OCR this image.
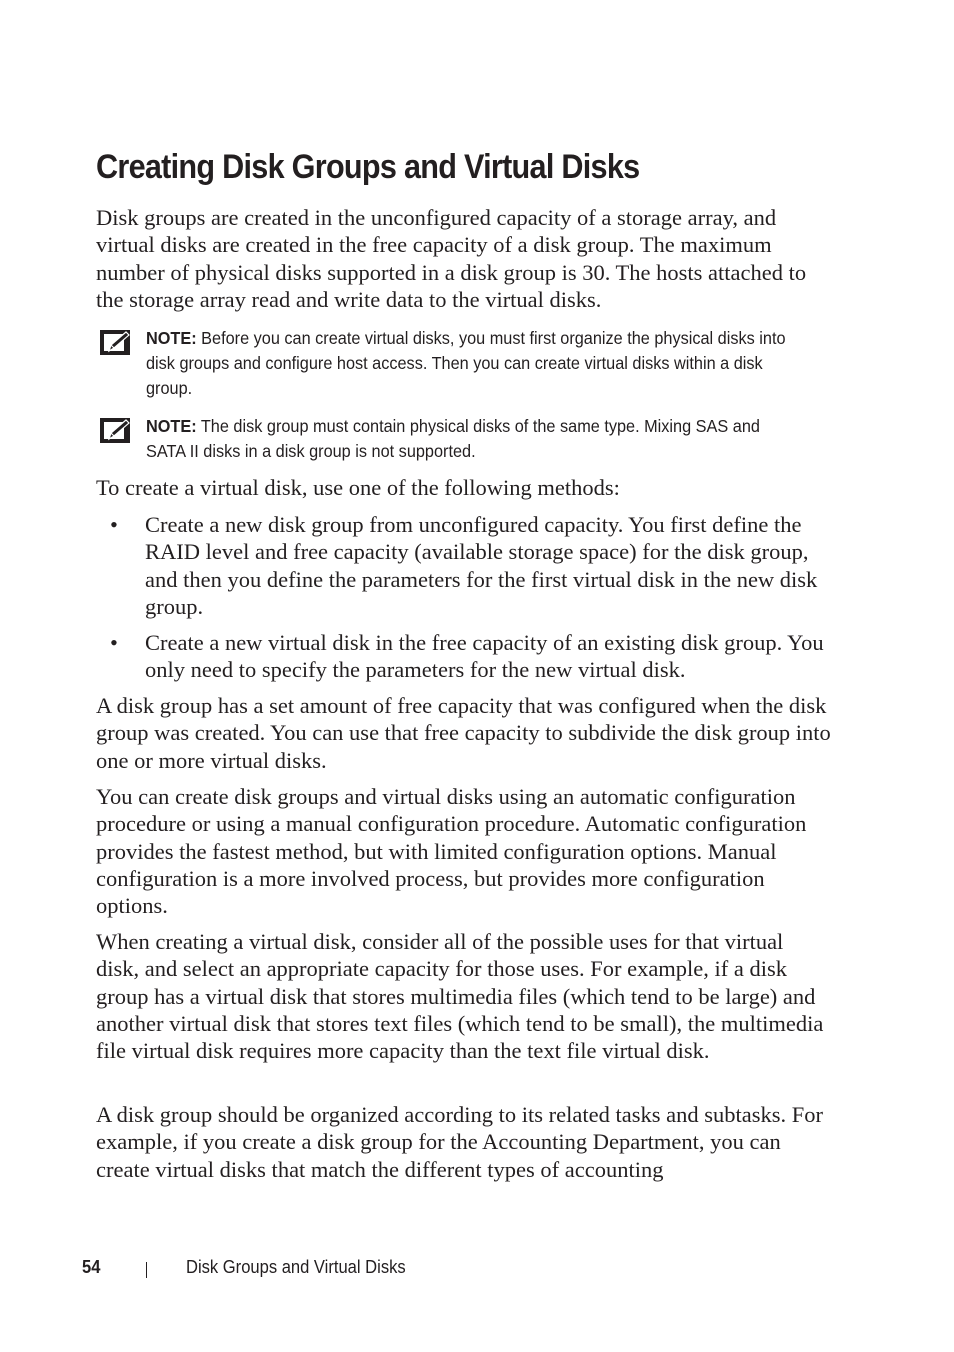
Creating Disk Groups and Virtual Disks

Disk groups are created in the unconfigured capacity of a storage array, and virtual disks are created in the free capacity of a disk group. The maximum number of physical disks supported in a disk group is 30. The hosts attached to the storage array read and write data to the virtual disks.

NOTE: Before you can create virtual disks, you must first organize the physical disks into disk groups and configure host access. Then you can create virtual disks within a disk group.
NOTE: The disk group must contain physical disks of the same type. Mixing SAS and SATA II disks in a disk group is not supported.

To create a virtual disk, use one of the following methods:

• Create a new disk group from unconfigured capacity. You first define the RAID level and free capacity (available storage space) for the disk group, and then you define the parameters for the first virtual disk in the new disk group.
• Create a new virtual disk in the free capacity of an existing disk group. You only need to specify the parameters for the new virtual disk.

A disk group has a set amount of free capacity that was configured when the disk group was created. You can use that free capacity to subdivide the disk group into one or more virtual disks.

You can create disk groups and virtual disks using an automatic configuration procedure or using a manual configuration procedure. Automatic configuration provides the fastest method, but with limited configuration options. Manual configuration is a more involved process, but provides more configuration options.

When creating a virtual disk, consider all of the possible uses for that virtual disk, and select an appropriate capacity for those uses. For example, if a disk group has a virtual disk that stores multimedia files (which tend to be large) and another virtual disk that stores text files (which tend to be small), the multimedia file virtual disk requires more capacity than the text file virtual disk.

A disk group should be organized according to its related tasks and subtasks. For example, if you create a disk group for the Accounting Department, you can create virtual disks that match the different types of accounting

54	Disk Groups and Virtual Disks
